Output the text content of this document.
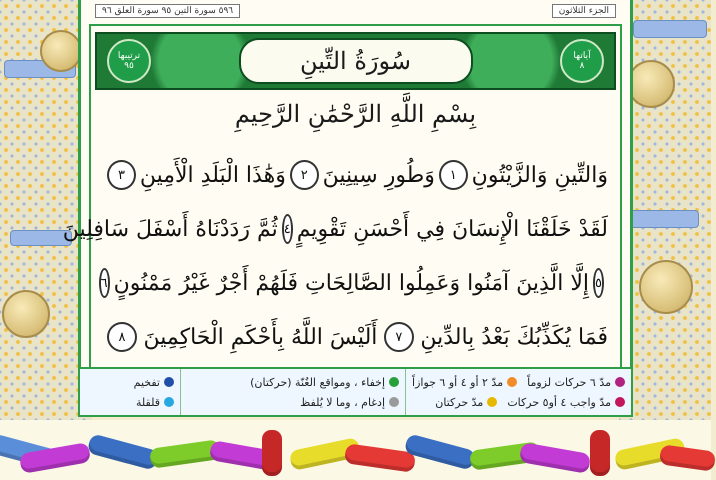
الجزء الثلاثون
٥٩٦ سورة التين ٩٥ سورة العلق ٩٦
ترتيبها
٩٥	سُورَةُ التِّينِ	آياتها
٨
بِسْمِ اللَّهِ الرَّحْمَٰنِ الرَّحِيمِ
وَالتِّينِ وَالزَّيْتُونِ
١
وَطُورِ سِينِينَ
٢
وَهَٰذَا الْبَلَدِ الْأَمِينِ
٣
لَقَدْ خَلَقْنَا الْإِنسَانَ فِي أَحْسَنِ تَقْوِيمٍ
٤
ثُمَّ رَدَدْنَاهُ أَسْفَلَ سَافِلِينَ
٥
إِلَّا الَّذِينَ آمَنُوا وَعَمِلُوا الصَّالِحَاتِ فَلَهُمْ أَجْرٌ غَيْرُ مَمْنُونٍ
٦
فَمَا يُكَذِّبُكَ بَعْدُ بِالدِّينِ
٧
أَلَيْسَ اللَّهُ بِأَحْكَمِ الْحَاكِمِينَ
٨
مدّ ٦ حركات لزوماً
مدّ ٢ أو ٤ أو ٦ جوازاً
مدّ واجب ٤ أو٥ حركات
مدّ حركتان
إخفاء ، ومواقع الغُنّة (حركتان)
إدغام ، وما لا يُلفظ
تفخيم
قلقلة
